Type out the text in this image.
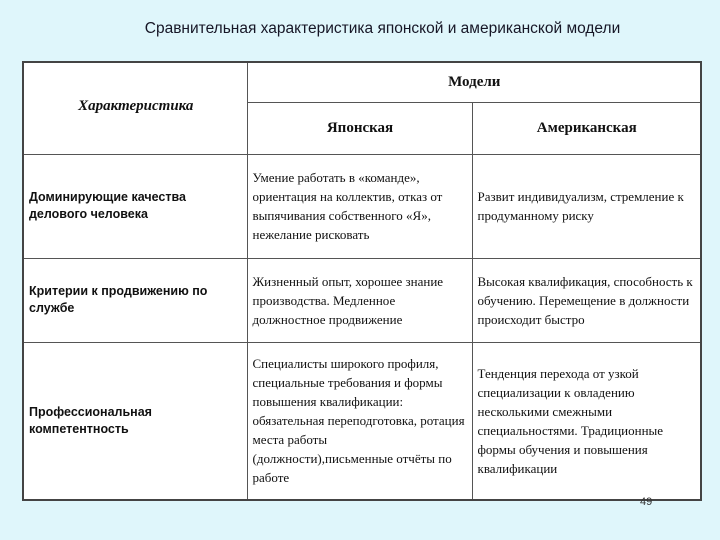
Сравнительная характеристика японской и американской модели
Характеристика	Модели	
	Японская	Американская
Доминирующие качества делового человека	Умение работать в «команде», ориентация на коллектив, отказ от выпячивания собственного «Я», нежелание рисковать	Развит индивидуализм, стремление к продуманному риску
Критерии к продвижению по службе	Жизненный опыт, хорошее знание производства. Медленное должностное продвижение	Высокая квалификация, способность к обучению. Перемещение в должности происходит быстро
Профессиональная компетентность	Специалисты широкого профиля, специальные требования и формы повышения квалификации: обязательная переподготовка, ротация места работы (должности),письменные отчёты по работе	Тенденция перехода от узкой специализации к овладению несколькими смежными специальностями. Традиционные формы обучения и повышения квалификации
49
